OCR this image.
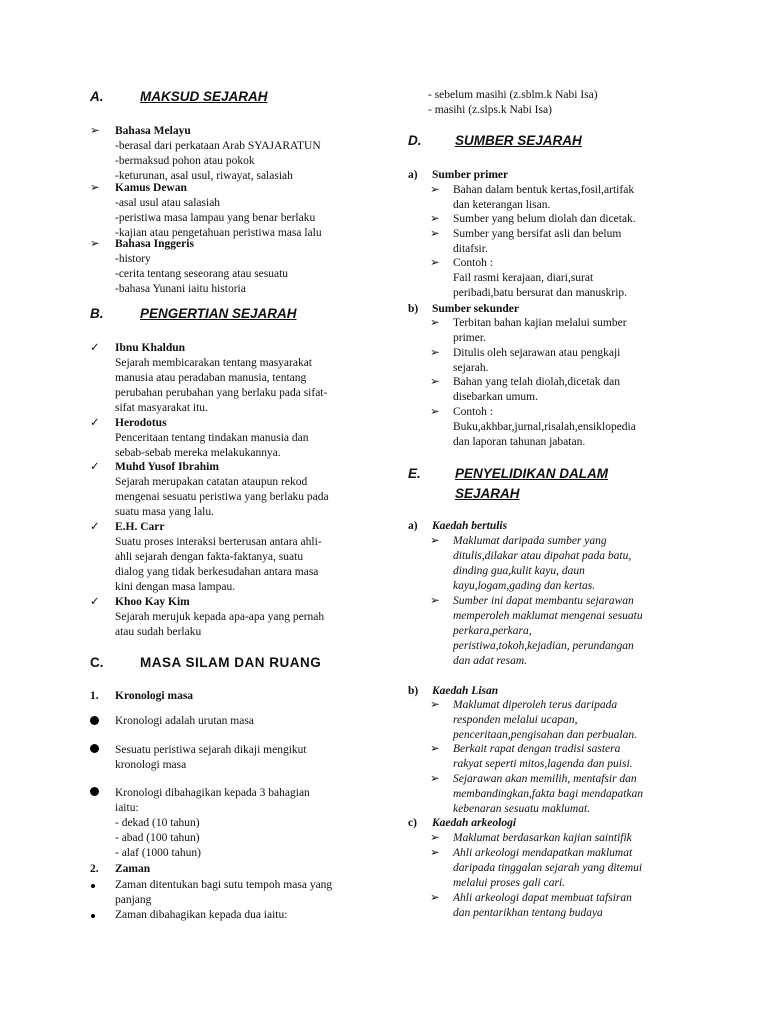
A.	MAKSUD SEJARAH
➢ Bahasa Melayu
-berasal dari perkataan Arab SYAJARATUN
-bermaksud pohon atau pokok
-keturunan, asal usul, riwayat, salasiah
➢ Kamus Dewan
-asal usul atau salasiah
-peristiwa masa lampau yang benar berlaku
-kajian atau pengetahuan peristiwa masa lalu
➢ Bahasa Inggeris
-history
-cerita tentang seseorang atau sesuatu
-bahasa Yunani iaitu historia
B.	PENGERTIAN SEJARAH
✓ Ibnu Khaldun
Sejarah membicarakan tentang masyarakat
manusia atau peradaban manusia, tentang
perubahan perubahan yang berlaku pada sifat-
sifat masyarakat itu.
✓ Herodotus
Penceritaan tentang tindakan manusia dan
sebab-sebab mereka melakukannya.
✓ Muhd Yusof Ibrahim
Sejarah merupakan catatan ataupun rekod
mengenai sesuatu peristiwa yang berlaku pada
suatu masa yang lalu.
✓ E.H. Carr
Suatu proses interaksi berterusan antara ahli-
ahli sejarah dengan fakta-faktanya, suatu
dialog yang tidak berkesudahan antara masa
kini dengan masa lampau.
✓ Khoo Kay Kim
Sejarah merujuk kepada apa-apa yang pernah
atau sudah berlaku
C.	MASA SILAM DAN RUANG
1. Kronologi masa
Kronologi adalah urutan masa
Sesuatu peristiwa sejarah dikaji mengikut
kronologi masa
Kronologi dibahagikan kepada 3 bahagian
iaitu:
- dekad (10 tahun)
- abad (100 tahun)
- alaf (1000 tahun)
2. Zaman
Zaman ditentukan bagi sutu tempoh masa yang
panjang
Zaman dibahagikan kepada dua iaitu:
- sebelum masihi (z.sblm.k Nabi Isa)
- masihi (z.slps.k Nabi Isa)
D. SUMBER SEJARAH
a) Sumber primer
➢ Bahan dalam bentuk kertas,fosil,artifak
dan keterangan lisan.
➢ Sumber yang belum diolah dan dicetak.
➢ Sumber yang bersifat asli dan belum
ditafsir.
➢ Contoh :
Fail rasmi kerajaan, diari,surat
peribadi,batu bersurat dan manuskrip.
b) Sumber sekunder
➢ Terbitan bahan kajian melalui sumber
primer.
➢ Ditulis oleh sejarawan atau pengkaji
sejarah.
➢ Bahan yang telah diolah,dicetak dan
disebarkan umum.
➢ Contoh :
Buku,akhbar,jurnal,risalah,ensiklopedia
dan laporan tahunan jabatan.
E.	PENYELIDIKAN DALAM
SEJARAH
a) Kaedah bertulis
➢ Maklumat daripada sumber yang
ditulis,dilakar atau dipahat pada batu,
dinding gua,kulit kayu, daun
kayu,logam,gading dan kertas.
➢ Sumber ini dapat membantu sejarawan
memperoleh maklumat mengenai sesuatu
perkara,perkara,
peristiwa,tokoh,kejadian, perundangan
dan adat resam.
b) Kaedah Lisan
➢ Maklumat diperoleh terus daripada
responden melalui ucapan,
penceritaan,pengisahan dan perbualan.
➢ Berkait rapat dengan tradisi sastera
rakyat seperti mitos,lagenda dan puisi.
➢ Sejarawan akan memilih, mentafsir dan
membandingkan,fakta bagi mendapatkan
kebenaran sesuatu maklumat.
c) Kaedah arkeologi
➢ Maklumat berdasarkan kajian saintifik
➢ Ahli arkeologi mendapatkan maklumat
daripada tinggalan sejarah yang ditemui
melalui proses gali cari.
➢ Ahli arkeologi dapat membuat tafsiran
dan pentarikhan tentang budaya
